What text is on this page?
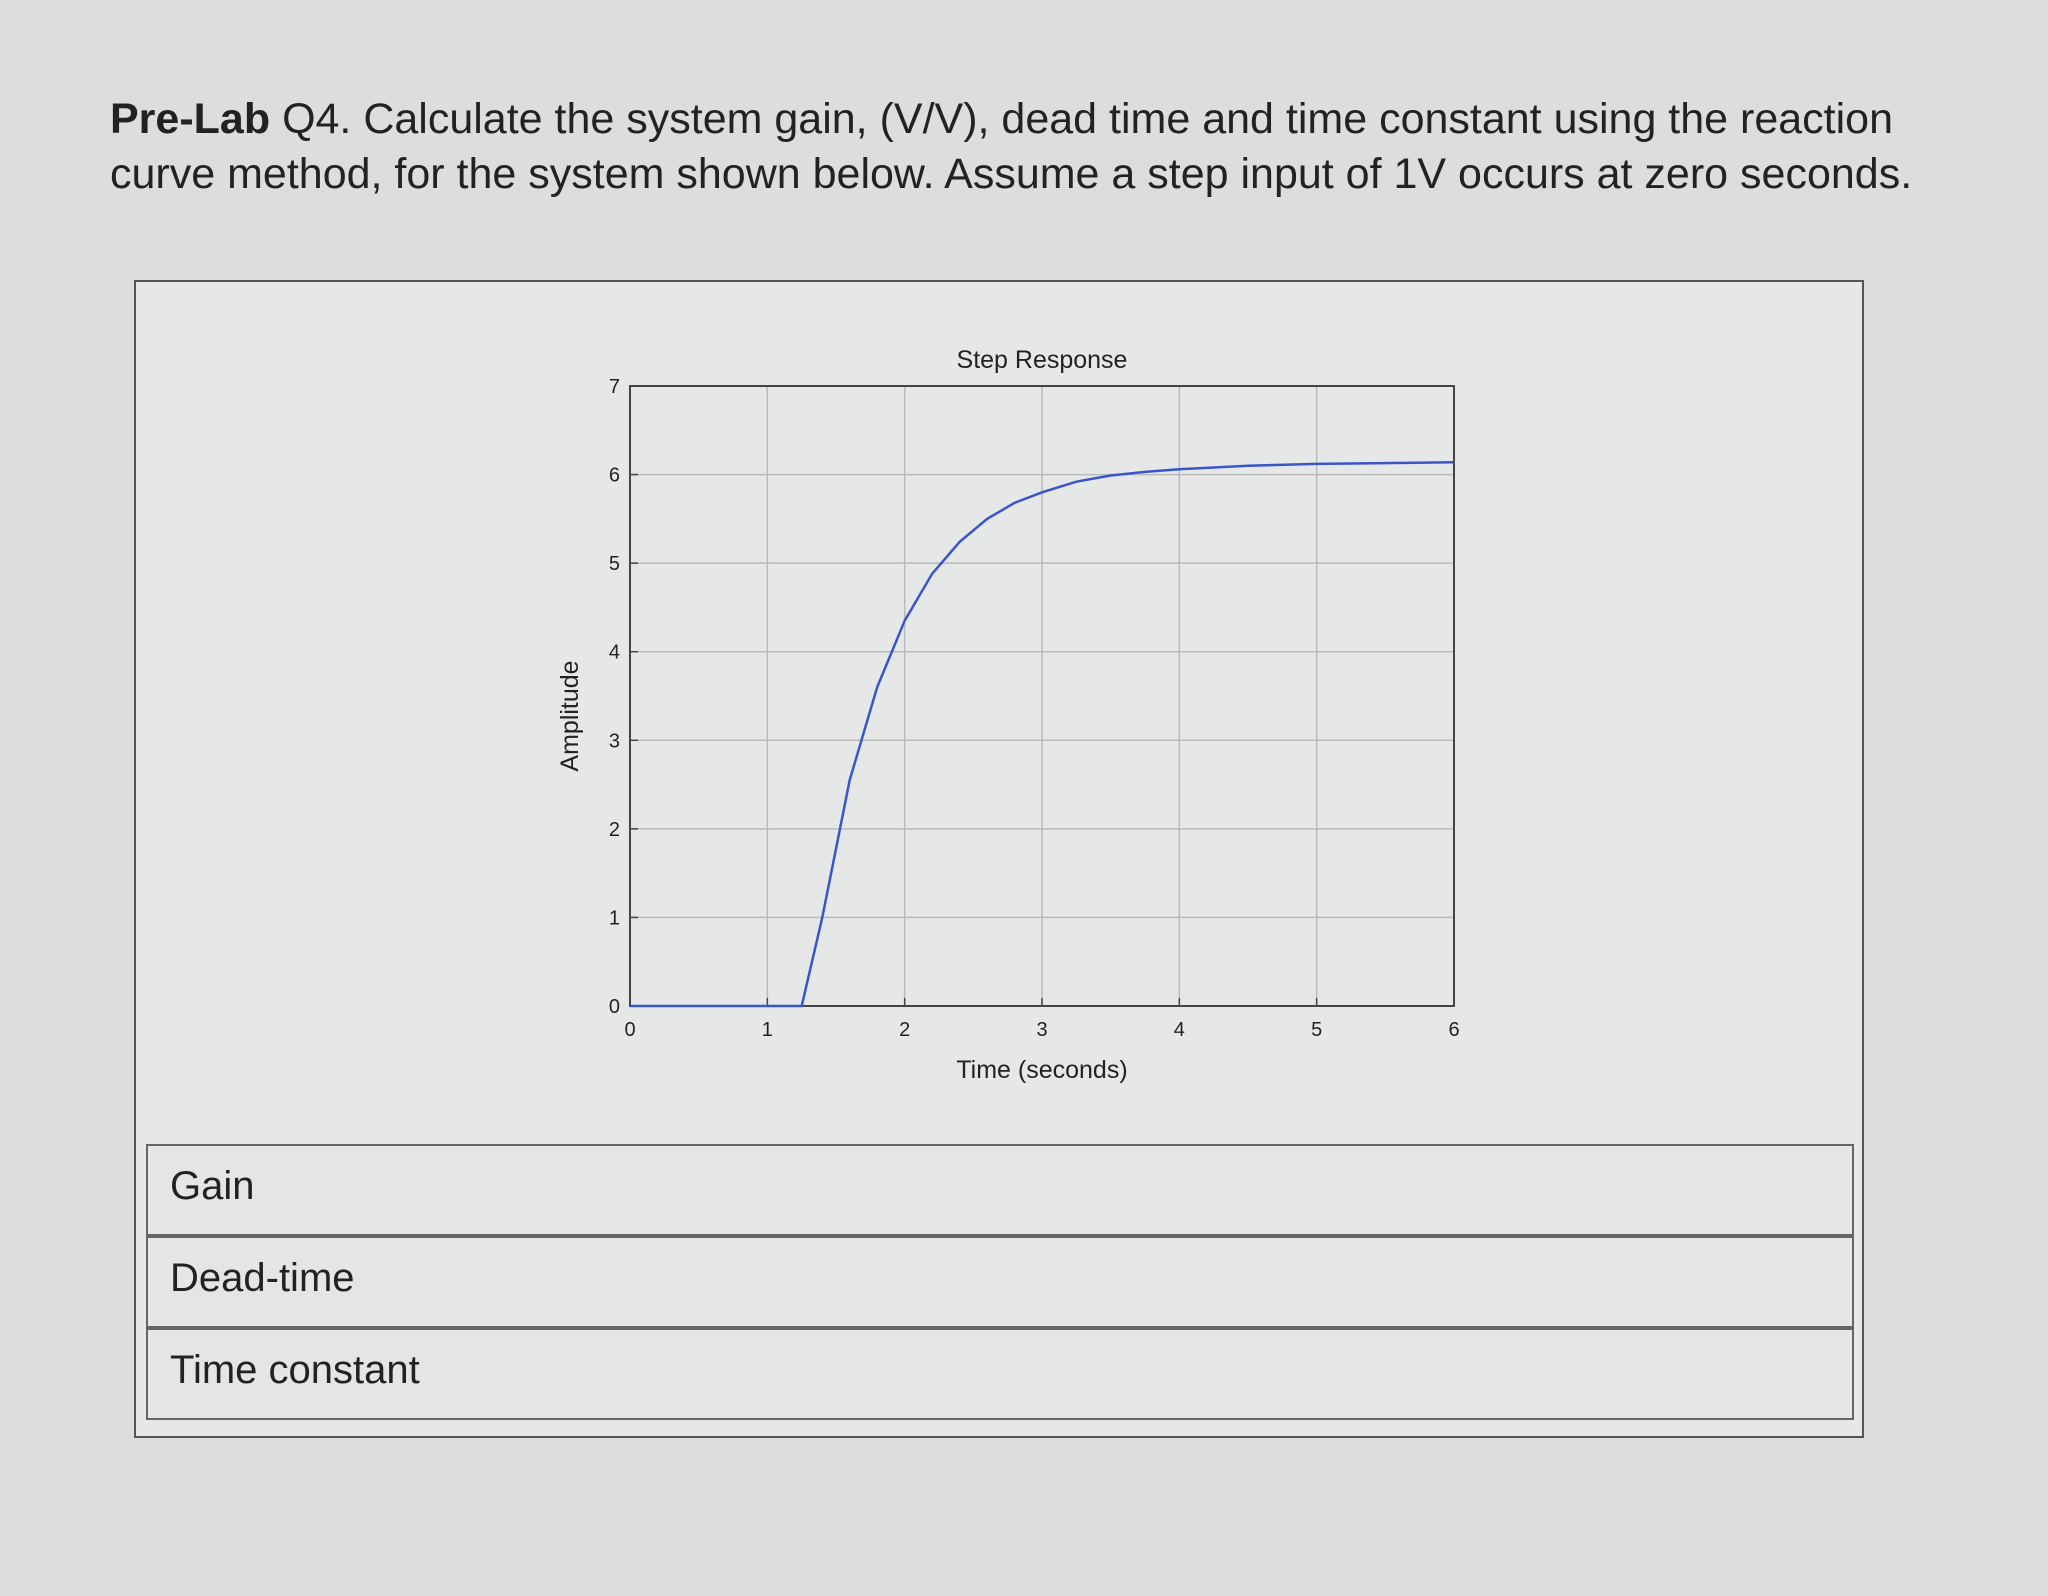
Pre-Lab Q4. Calculate the system gain, (V/V), dead time and time constant using the reaction curve method, for the system shown below. Assume a step input of 1V occurs at zero seconds.
0	1	2	3	4	5	6
0
1
2
3
4
5
6
7
Step Response
Time (seconds)
Amplitude
Gain
Dead-time
Time constant
